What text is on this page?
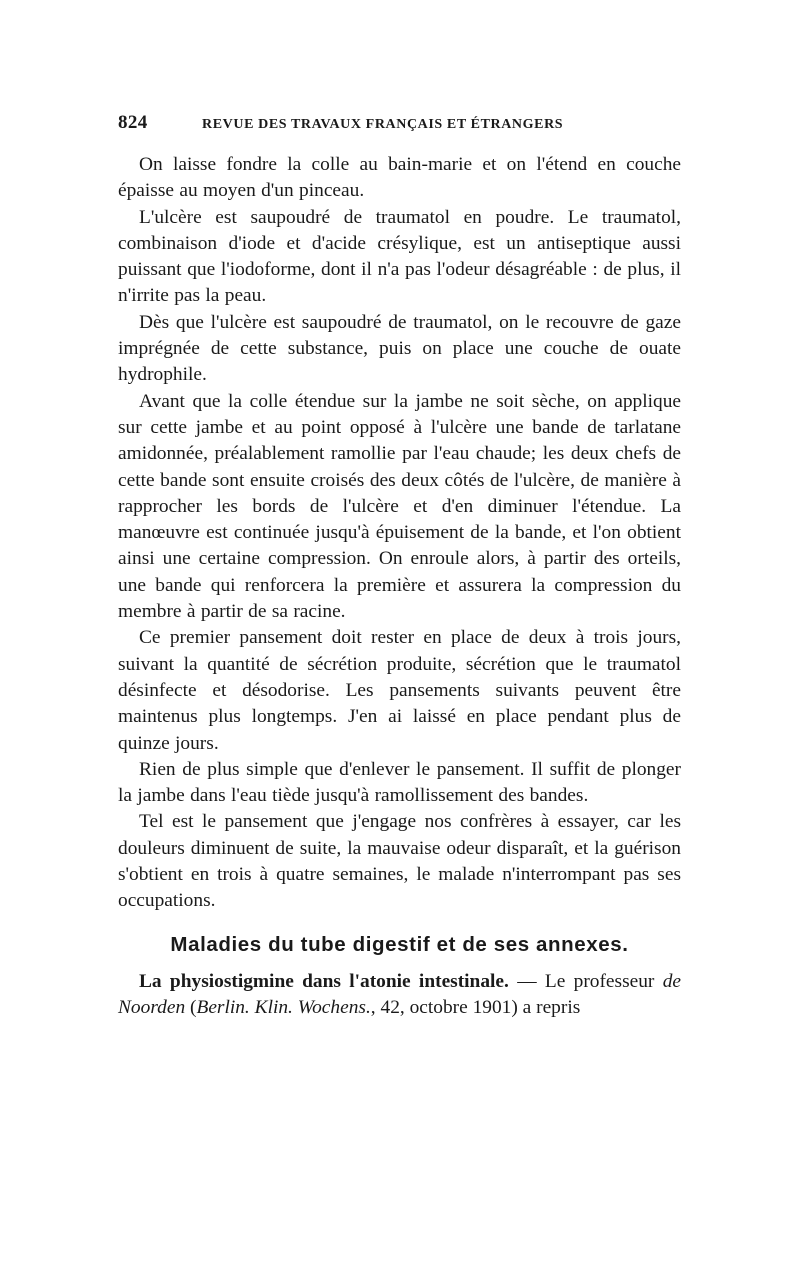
824	REVUE DES TRAVAUX FRANÇAIS ET ÉTRANGERS

On laisse fondre la colle au bain-marie et on l'étend en couche épaisse au moyen d'un pinceau.

L'ulcère est saupoudré de traumatol en poudre. Le traumatol, combinaison d'iode et d'acide crésylique, est un antiseptique aussi puissant que l'iodoforme, dont il n'a pas l'odeur désagréable : de plus, il n'irrite pas la peau.

Dès que l'ulcère est saupoudré de traumatol, on le recouvre de gaze imprégnée de cette substance, puis on place une couche de ouate hydrophile.

Avant que la colle étendue sur la jambe ne soit sèche, on applique sur cette jambe et au point opposé à l'ulcère une bande de tarlatane amidonnée, préalablement ramollie par l'eau chaude; les deux chefs de cette bande sont ensuite croisés des deux côtés de l'ulcère, de manière à rapprocher les bords de l'ulcère et d'en diminuer l'étendue. La manœuvre est continuée jusqu'à épuisement de la bande, et l'on obtient ainsi une certaine compression. On enroule alors, à partir des orteils, une bande qui renforcera la première et assurera la compression du membre à partir de sa racine.

Ce premier pansement doit rester en place de deux à trois jours, suivant la quantité de sécrétion produite, sécrétion que le traumatol désinfecte et désodorise. Les pansements suivants peuvent être maintenus plus longtemps. J'en ai laissé en place pendant plus de quinze jours.

Rien de plus simple que d'enlever le pansement. Il suffit de plonger la jambe dans l'eau tiède jusqu'à ramollissement des bandes.

Tel est le pansement que j'engage nos confrères à essayer, car les douleurs diminuent de suite, la mauvaise odeur disparaît, et la guérison s'obtient en trois à quatre semaines, le malade n'interrompant pas ses occupations.

Maladies du tube digestif et de ses annexes.

La physiostigmine dans l'atonie intestinale. — Le professeur de Noorden (Berlin. Klin. Wochens., 42, octobre 1901) a repris
